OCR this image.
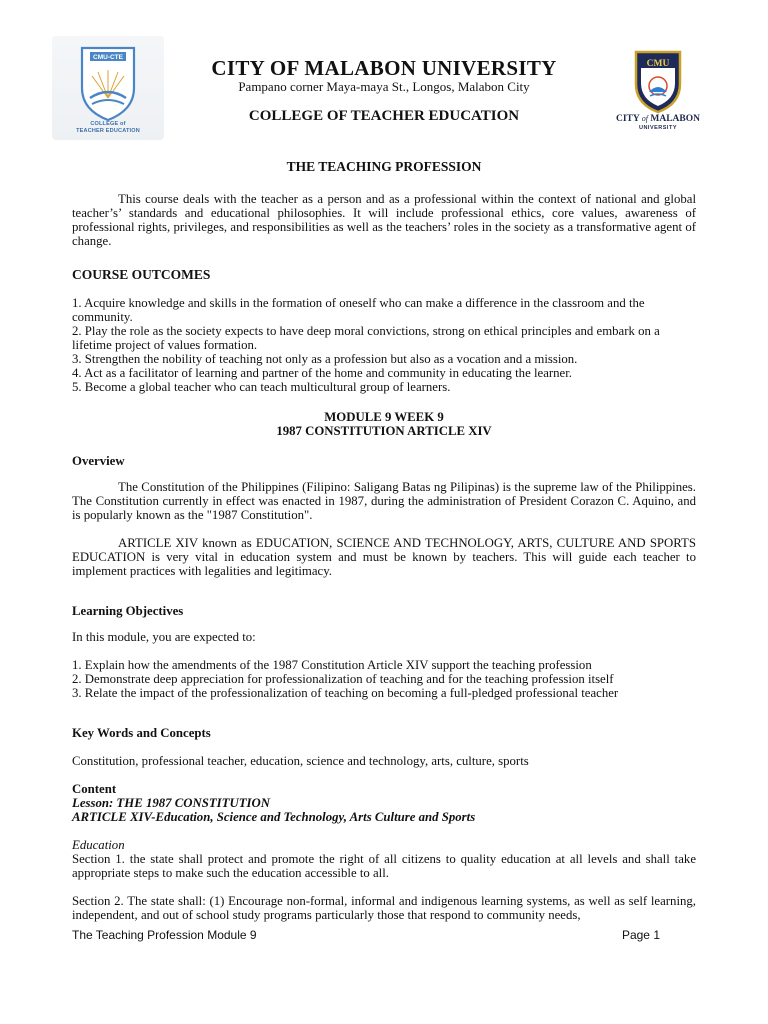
CMU-CTE
COLLEGE of
TEACHER EDUCATION
CITY OF MALABON UNIVERSITY
Pampano corner Maya-maya St., Longos, Malabon City
COLLEGE OF TEACHER EDUCATION
CMU
CITY of MALABON
UNIVERSITY

THE TEACHING PROFESSION

This course deals with the teacher as a person and as a professional within the context of national and global teacher’s’ standards and educational philosophies. It will include professional ethics, core values, awareness of professional rights, privileges, and responsibilities as well as the teachers’ roles in the society as a transformative agent of change.

COURSE OUTCOMES

1. Acquire knowledge and skills in the formation of oneself who can make a difference in the classroom and the community.

2. Play the role as the society expects to have deep moral convictions, strong on ethical principles and embark on a lifetime project of values formation.

3. Strengthen the nobility of teaching not only as a profession but also as a vocation and a mission.

4. Act as a facilitator of learning and partner of the home and community in educating the learner.

5. Become a global teacher who can teach multicultural group of learners.

MODULE 9 WEEK 9

1987 CONSTITUTION ARTICLE XIV

Overview

The Constitution of the Philippines (Filipino: Saligang Batas ng Pilipinas) is the supreme law of the Philippines. The Constitution currently in effect was enacted in 1987, during the administration of President Corazon C. Aquino, and is popularly known as the "1987 Constitution".

ARTICLE XIV known as EDUCATION, SCIENCE AND TECHNOLOGY, ARTS, CULTURE AND SPORTS EDUCATION is very vital in education system and must be known by teachers. This will guide each teacher to implement practices with legalities and legitimacy.

Learning Objectives

In this module, you are expected to:

1. Explain how the amendments of the 1987 Constitution Article XIV support the teaching profession

2. Demonstrate deep appreciation for professionalization of teaching and for the teaching profession itself

3. Relate the impact of the professionalization of teaching on becoming a full-pledged professional teacher

Key Words and Concepts

Constitution, professional teacher, education, science and technology, arts, culture, sports

Content

Lesson: THE 1987 CONSTITUTION

ARTICLE XIV-Education, Science and Technology, Arts Culture and Sports

Education

Section 1. the state shall protect and promote the right of all citizens to quality education at all levels and shall take appropriate steps to make such the education accessible to all.

Section 2. The state shall: (1) Encourage non-formal, informal and indigenous learning systems, as well as self learning, independent, and out of school study programs particularly those that respond to community needs,

The Teaching Profession Module 9	Page 1
